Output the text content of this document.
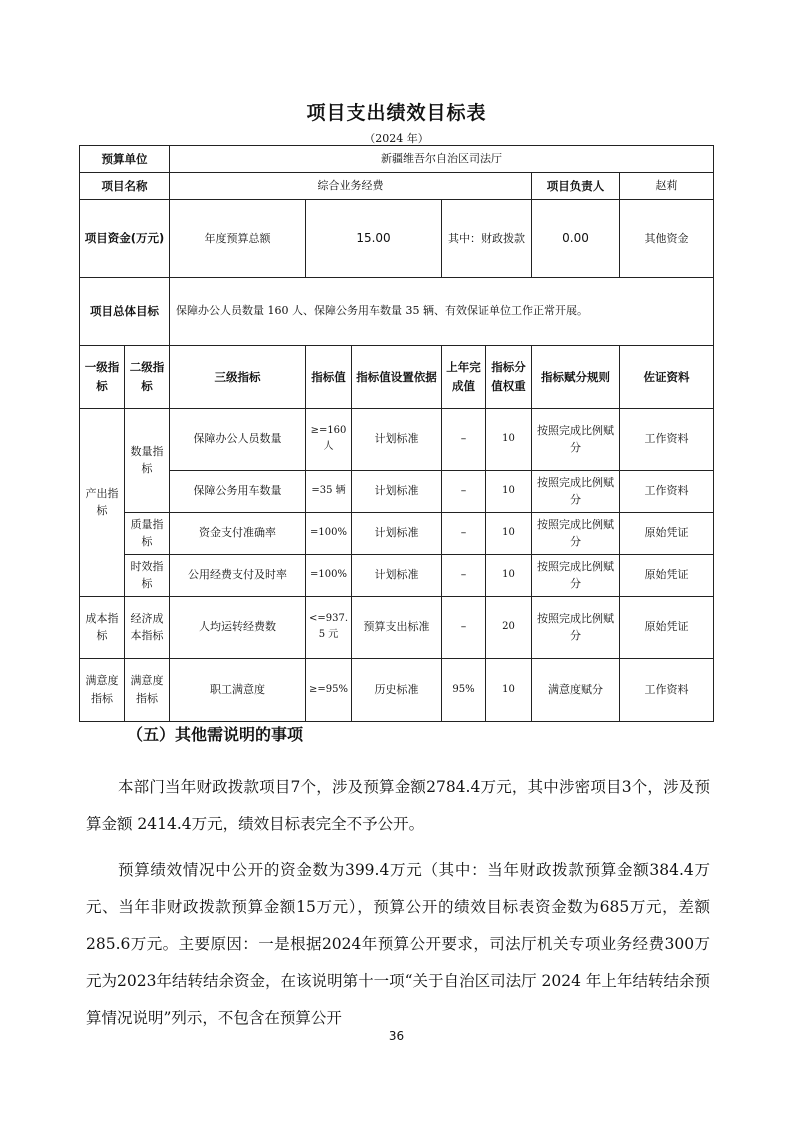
项目支出绩效目标表
（2024 年）
预算单位		新疆维吾尔自治区司法厅							
项目名称		综合业务经费					项目负责人	赵莉	
项目资金(万元)		年度预算总额	15.00		其中：财政拨款		0.00	其他资金	
项目总体目标		保障办公人员数量 160 人、保障公务用车数量 35 辆、有效保证单位工作正常开展。							
一级指标	二级指标	三级指标	指标值	指标值设置依据	上年完成值	指标分值权重	指标赋分规则	佐证资料	
产出指标	数量指标	保障办公人员数量	≥=160人	计划标准	–	10	按照完成比例赋分	工作资料	
		保障公务用车数量	=35 辆	计划标准	–	10	按照完成比例赋分	工作资料	
	质量指标	资金支付准确率	=100%	计划标准	–	10	按照完成比例赋分	原始凭证	
	时效指标	公用经费支付及时率	=100%	计划标准	–	10	按照完成比例赋分	原始凭证	
成本指标	经济成本指标	人均运转经费数	<=937.5 元	预算支出标准	–	20	按照完成比例赋分	原始凭证	
满意度指标	满意度指标	职工满意度	≥=95%	历史标准	95%	10	满意度赋分	工作资料	
（五）其他需说明的事项

本部门当年财政拨款项目7个，涉及预算金额2784.4万元，其中涉密项目3个，涉及预算金额 2414.4万元，绩效目标表完全不予公开。

预算绩效情况中公开的资金数为399.4万元（其中：当年财政拨款预算金额384.4万元、当年非财政拨款预算金额15万元），预算公开的绩效目标表资金数为685万元，差额285.6万元。主要原因：一是根据2024年预算公开要求，司法厅机关专项业务经费300万元为2023年结转结余资金，在该说明第十一项“关于自治区司法厅 2024 年上年结转结余预算情况说明”列示，不包含在预算公开

36
